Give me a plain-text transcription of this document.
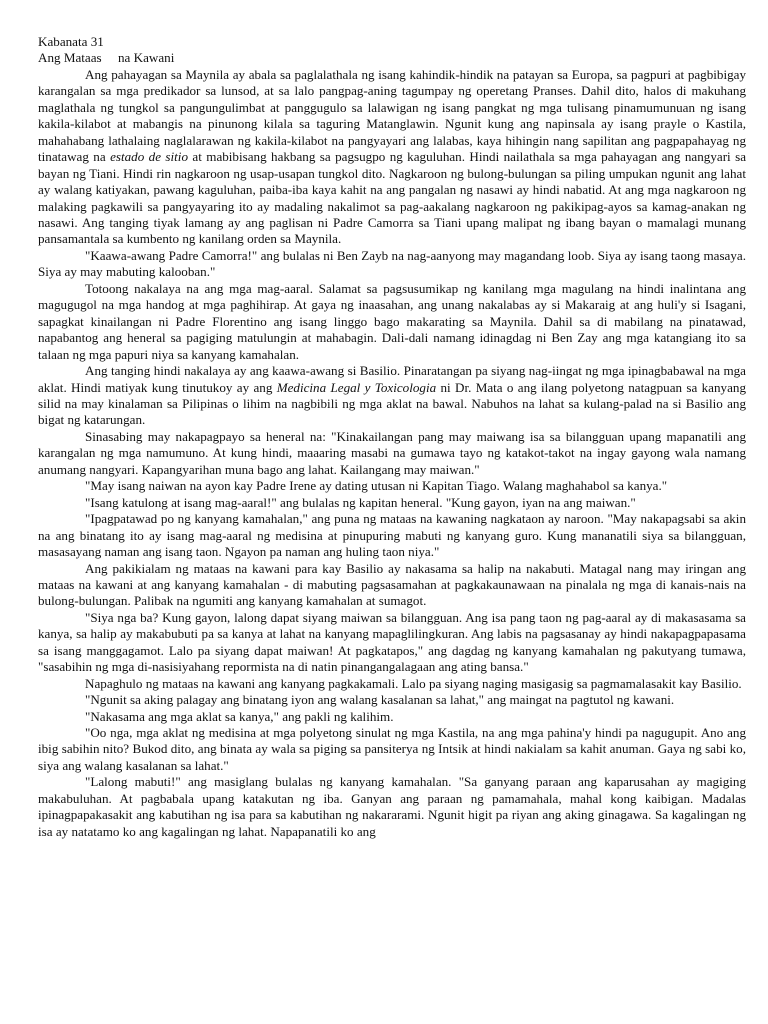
Kabanata 31
Ang Mataas     na Kawani

Ang pahayagan sa Maynila ay abala sa paglalathala ng isang kahindik-hindik na patayan sa Europa, sa pagpuri at pagbibigay karangalan sa mga predikador sa lunsod, at sa lalo pangpag-aning tagumpay ng operetang Pranses. Dahil dito, halos di makuhang maglathala ng tungkol sa pangungulimbat at panggugulo sa lalawigan ng isang pangkat ng mga tulisang pinamumunuan ng isang kakila-kilabot at mabangis na pinunong kilala sa taguring Matanglawin. Ngunit kung ang napinsala ay isang prayle o Kastila, mahahabang lathalaing naglalarawan ng kakila-kilabot na pangyayari ang lalabas, kaya hihingin nang sapilitan ang pagpapahayag ng tinatawag na estado de sitio at mabibisang hakbang sa pagsugpo ng kaguluhan. Hindi nailathala sa mga pahayagan ang nangyari sa bayan ng Tiani. Hindi rin nagkaroon ng usap-usapan tungkol dito. Nagkaroon ng bulong-bulungan sa piling umpukan ngunit ang lahat ay walang katiyakan, pawang kaguluhan, paiba-iba kaya kahit na ang pangalan ng nasawi ay hindi nabatid. At ang mga nagkaroon ng malaking pagkawili sa pangyayaring ito ay madaling nakalimot sa pag-aakalang nagkaroon ng pakikipag-ayos sa kamag-anakan ng nasawi. Ang tanging tiyak lamang ay ang paglisan ni Padre Camorra sa Tiani upang malipat ng ibang bayan o mamalagi munang pansamantala sa kumbento ng kanilang orden sa Maynila.

"Kaawa-awang Padre Camorra!" ang bulalas ni Ben Zayb na nag-aanyong may magandang loob. Siya ay isang taong masaya. Siya ay may mabuting kalooban."

Totoong nakalaya na ang mga mag-aaral. Salamat sa pagsusumikap ng kanilang mga magulang na hindi inalintana ang magugugol na mga handog at mga paghihirap. At gaya ng inaasahan, ang unang nakalabas ay si Makaraig at ang huli'y si Isagani, sapagkat kinailangan ni Padre Florentino ang isang linggo bago makarating sa Maynila. Dahil sa di mabilang na pinatawad, napabantog ang heneral sa pagiging matulungin at mahabagin. Dali-dali namang idinagdag ni Ben Zay ang mga katangiang ito sa talaan ng mga papuri niya sa kanyang kamahalan.

Ang tanging hindi nakalaya ay ang kaawa-awang si Basilio. Pinaratangan pa siyang nag-iingat ng mga ipinagbabawal na mga aklat. Hindi matiyak kung tinutukoy ay ang Medicina Legal y Toxicologia ni Dr. Mata o ang ilang polyetong natagpuan sa kanyang silid na may kinalaman sa Pilipinas o lihim na nagbibili ng mga aklat na bawal. Nabuhos na lahat sa kulang-palad na si Basilio ang bigat ng katarungan.

Sinasabing may nakapagpayo sa heneral na: "Kinakailangan pang may maiwang isa sa bilangguan upang mapanatili ang karangalan ng mga namumuno. At kung hindi, maaaring masabi na gumawa tayo ng katakot-takot na ingay gayong wala namang anumang nangyari. Kapangyarihan muna bago ang lahat. Kailangang may maiwan."

"May isang naiwan na ayon kay Padre Irene ay dating utusan ni Kapitan Tiago. Walang maghahabol sa kanya."

"Isang katulong at isang mag-aaral!" ang bulalas ng kapitan heneral. "Kung gayon, iyan na ang maiwan."

"Ipagpatawad po ng kanyang kamahalan," ang puna ng mataas na kawaning nagkataon ay naroon. "May nakapagsabi sa akin na ang binatang ito ay isang mag-aaral ng medisina at pinupuring mabuti ng kanyang guro. Kung mananatili siya sa bilangguan, masasayang naman ang isang taon. Ngayon pa naman ang huling taon niya."

Ang pakikialam ng mataas na kawani para kay Basilio ay nakasama sa halip na nakabuti. Matagal nang may iringan ang mataas na kawani at ang kanyang kamahalan - di mabuting pagsasamahan at pagkakaunawaan na pinalala ng mga di kanais-nais na bulong-bulungan. Palibak na ngumiti ang kanyang kamahalan at sumagot.

"Siya nga ba? Kung gayon, lalong dapat siyang maiwan sa bilangguan. Ang isa pang taon ng pag-aaral ay di makasasama sa kanya, sa halip ay makabubuti pa sa kanya at lahat na kanyang mapaglilingkuran. Ang labis na pagsasanay ay hindi nakapagpapasama sa isang manggagamot. Lalo pa siyang dapat maiwan! At pagkatapos," ang dagdag ng kanyang kamahalan ng pakutyang tumawa, "sasabihin ng mga di-nasisiyahang repormista na di natin pinangangalagaan ang ating bansa."

Napaghulo ng mataas na kawani ang kanyang pagkakamali. Lalo pa siyang naging masigasig sa pagmamalasakit kay Basilio.

"Ngunit sa aking palagay ang binatang iyon ang walang kasalanan sa lahat," ang maingat na pagtutol ng kawani.

"Nakasama ang mga aklat sa kanya," ang pakli ng kalihim.

"Oo nga, mga aklat ng medisina at mga polyetong sinulat ng mga Kastila, na ang mga pahina'y hindi pa nagugupit. Ano ang ibig sabihin nito? Bukod dito, ang binata ay wala sa piging sa pansiterya ng Intsik at hindi nakialam sa kahit anuman. Gaya ng sabi ko, siya ang walang kasalanan sa lahat."

"Lalong mabuti!" ang masiglang bulalas ng kanyang kamahalan. "Sa ganyang paraan ang kaparusahan ay magiging makabuluhan. At pagbabala upang katakutan ng iba. Ganyan ang paraan ng pamamahala, mahal kong kaibigan. Madalas ipinagpapakasakit ang kabutihan ng isa para sa kabutihan ng nakararami. Ngunit higit pa riyan ang aking ginagawa. Sa kagalingan ng isa ay natatamo ko ang kagalingan ng lahat. Napapanatili ko ang
